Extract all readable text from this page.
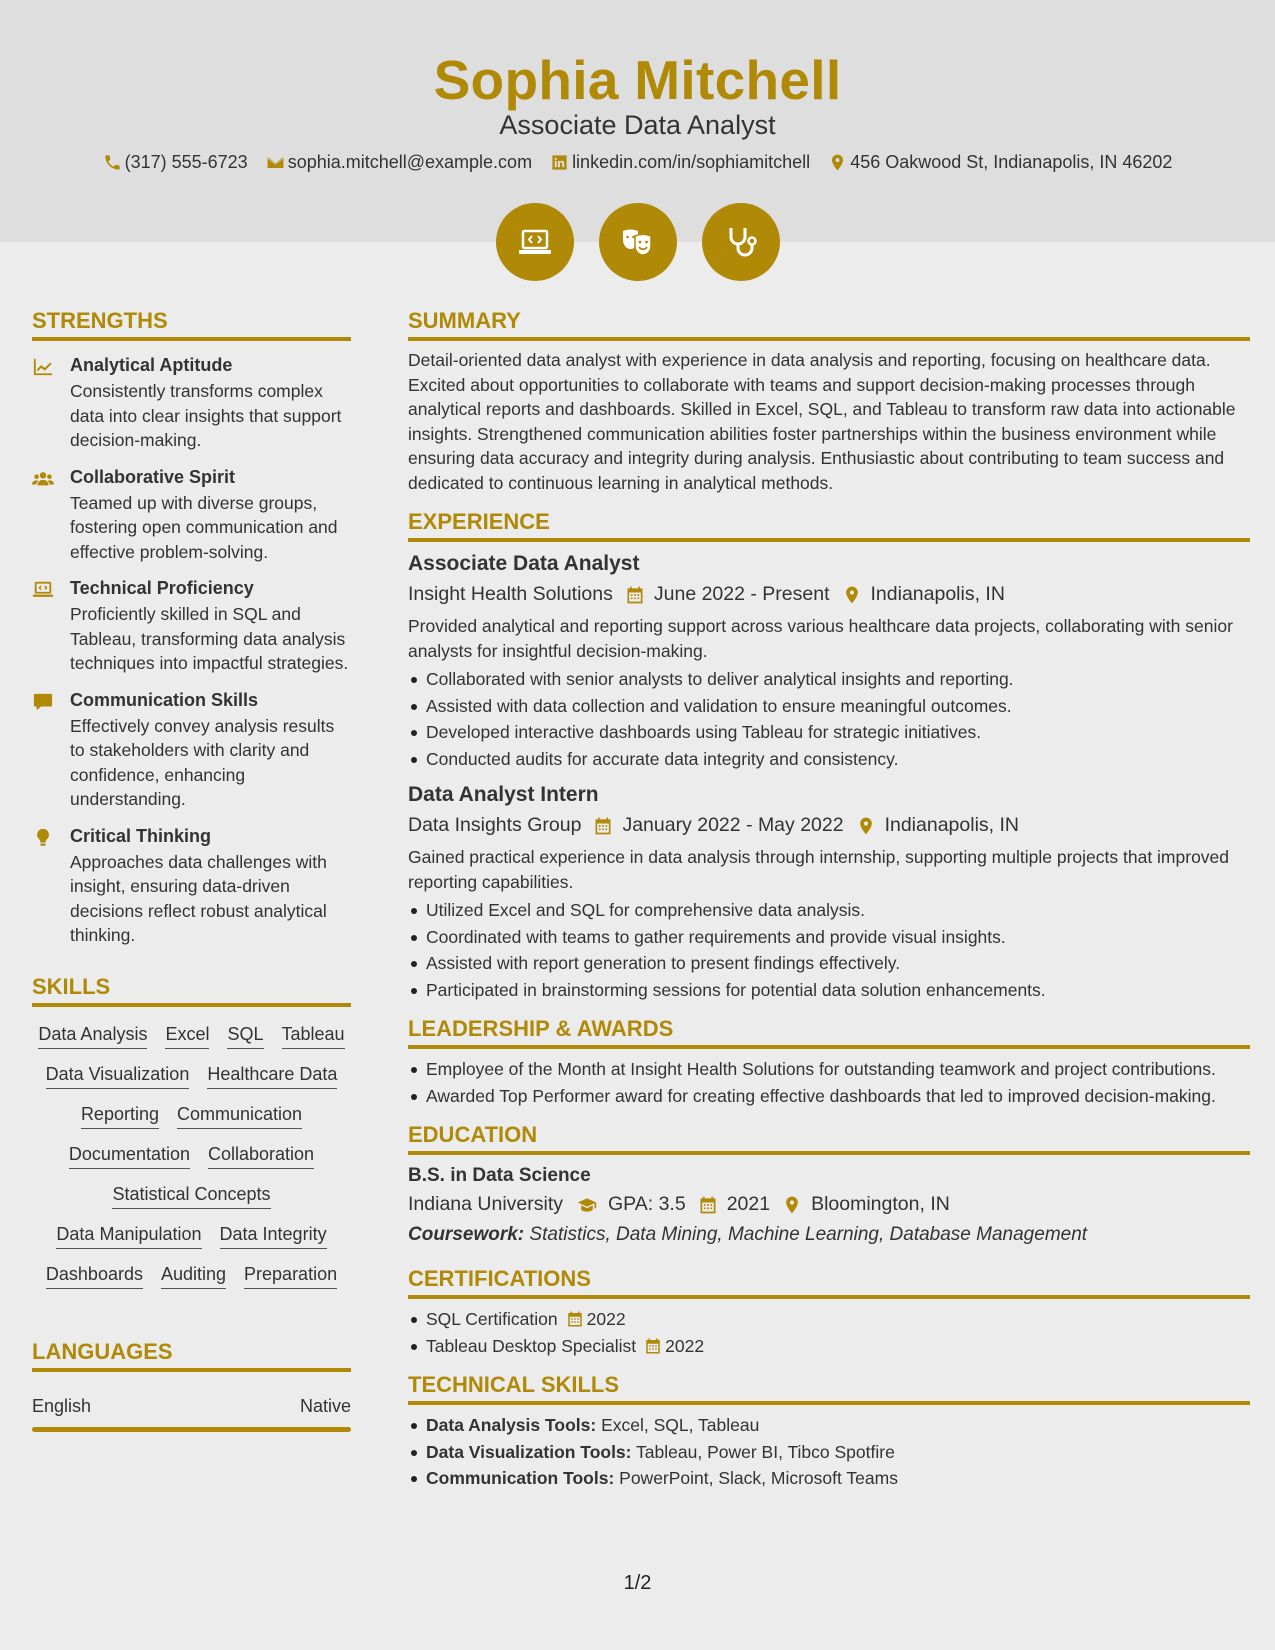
Sophia Mitchell
Associate Data Analyst
(317) 555-6723 sophia.mitchell@example.com linkedin.com/in/sophiamitchell 456 Oakwood St, Indianapolis, IN 46202
STRENGTHS
Analytical Aptitude
Consistently transforms complex data into clear insights that support decision-making.
Collaborative Spirit
Teamed up with diverse groups, fostering open communication and effective problem-solving.
Technical Proficiency
Proficiently skilled in SQL and Tableau, transforming data analysis techniques into impactful strategies.
Communication Skills
Effectively convey analysis results to stakeholders with clarity and confidence, enhancing understanding.
Critical Thinking
Approaches data challenges with insight, ensuring data-driven decisions reflect robust analytical thinking.
SKILLS
Data Analysis Excel SQL Tableau
Data Visualization Healthcare Data
Reporting Communication
Documentation Collaboration
Statistical Concepts
Data Manipulation Data Integrity
Dashboards Auditing Preparation
LANGUAGES
English	Native
SUMMARY
Detail-oriented data analyst with experience in data analysis and reporting, focusing on healthcare data. Excited about opportunities to collaborate with teams and support decision-making processes through analytical reports and dashboards. Skilled in Excel, SQL, and Tableau to transform raw data into actionable insights. Strengthened communication abilities foster partnerships within the business environment while ensuring data accuracy and integrity during analysis. Enthusiastic about contributing to team success and dedicated to continuous learning in analytical methods.
EXPERIENCE
Associate Data Analyst
Insight Health Solutions June 2022 - Present Indianapolis, IN
Provided analytical and reporting support across various healthcare data projects, collaborating with senior analysts for insightful decision-making.
Collaborated with senior analysts to deliver analytical insights and reporting.
Assisted with data collection and validation to ensure meaningful outcomes.
Developed interactive dashboards using Tableau for strategic initiatives.
Conducted audits for accurate data integrity and consistency.
Data Analyst Intern
Data Insights Group January 2022 - May 2022 Indianapolis, IN
Gained practical experience in data analysis through internship, supporting multiple projects that improved reporting capabilities.
Utilized Excel and SQL for comprehensive data analysis.
Coordinated with teams to gather requirements and provide visual insights.
Assisted with report generation to present findings effectively.
Participated in brainstorming sessions for potential data solution enhancements.
LEADERSHIP & AWARDS
Employee of the Month at Insight Health Solutions for outstanding teamwork and project contributions.
Awarded Top Performer award for creating effective dashboards that led to improved decision-making.
EDUCATION
B.S. in Data Science
Indiana University GPA: 3.5 2021 Bloomington, IN
Coursework: Statistics, Data Mining, Machine Learning, Database Management
CERTIFICATIONS
SQL Certification 2022
Tableau Desktop Specialist 2022
TECHNICAL SKILLS
Data Analysis Tools: Excel, SQL, Tableau
Data Visualization Tools: Tableau, Power BI, Tibco Spotfire
Communication Tools: PowerPoint, Slack, Microsoft Teams
1/2
